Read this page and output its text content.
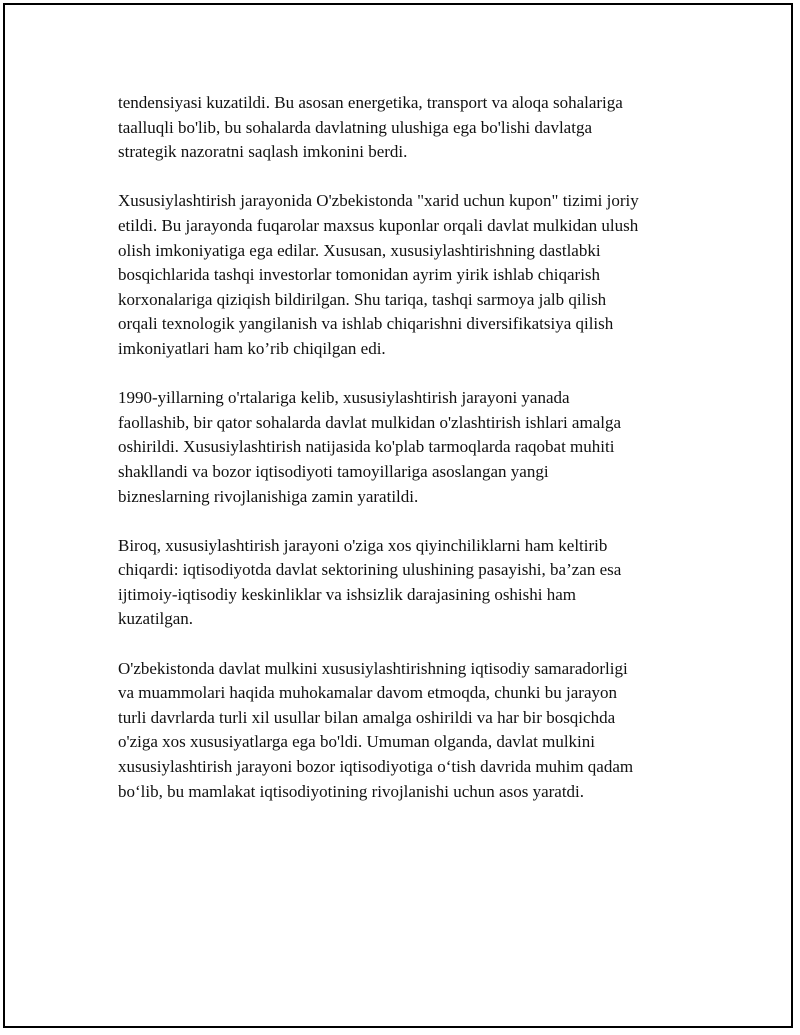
tendensiyasi kuzatildi. Bu asosan energetika, transport va aloqa sohalariga
taalluqli bo'lib, bu sohalarda davlatning ulushiga ega bo'lishi davlatga
strategik nazoratni saqlash imkonini berdi.

Xususiylashtirish jarayonida O'zbekistonda "xarid uchun kupon" tizimi joriy
etildi. Bu jarayonda fuqarolar maxsus kuponlar orqali davlat mulkidan ulush
olish imkoniyatiga ega edilar. Xususan, xususiylashtirishning dastlabki
bosqichlarida tashqi investorlar tomonidan ayrim yirik ishlab chiqarish
korxonalariga qiziqish bildirilgan. Shu tariqa, tashqi sarmoya jalb qilish
orqali texnologik yangilanish va ishlab chiqarishni diversifikatsiya qilish
imkoniyatlari ham ko’rib chiqilgan edi.

1990-yillarning o'rtalariga kelib, xususiylashtirish jarayoni yanada
faollashib, bir qator sohalarda davlat mulkidan o'zlashtirish ishlari amalga
oshirildi. Xususiylashtirish natijasida ko'plab tarmoqlarda raqobat muhiti
shakllandi va bozor iqtisodiyoti tamoyillariga asoslangan yangi
bizneslarning rivojlanishiga zamin yaratildi.

Biroq, xususiylashtirish jarayoni o'ziga xos qiyinchiliklarni ham keltirib
chiqardi: iqtisodiyotda davlat sektorining ulushining pasayishi, ba’zan esa
ijtimoiy-iqtisodiy keskinliklar va ishsizlik darajasining oshishi ham
kuzatilgan.

O'zbekistonda davlat mulkini xususiylashtirishning iqtisodiy samaradorligi
va muammolari haqida muhokamalar davom etmoqda, chunki bu jarayon
turli davrlarda turli xil usullar bilan amalga oshirildi va har bir bosqichda
o'ziga xos xususiyatlarga ega bo'ldi. Umuman olganda, davlat mulkini
xususiylashtirish jarayoni bozor iqtisodiyotiga o‘tish davrida muhim qadam
bo‘lib, bu mamlakat iqtisodiyotining rivojlanishi uchun asos yaratdi.
